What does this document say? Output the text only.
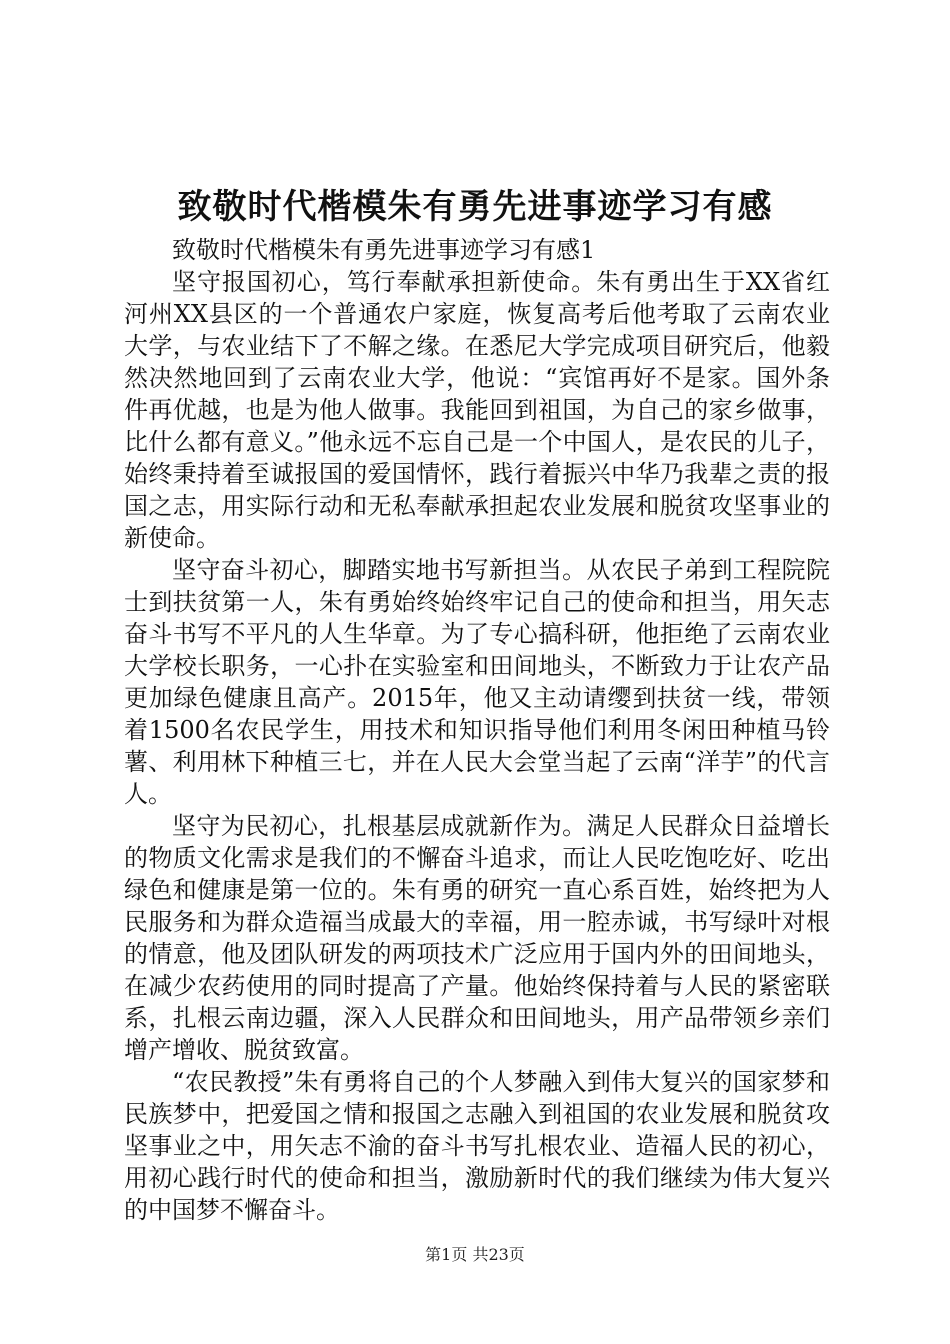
致敬时代楷模朱有勇先进事迹学习有感

致敬时代楷模朱有勇先进事迹学习有感1

坚守报国初心，笃行奉献承担新使命。朱有勇出生于XX省红河州XX县区的一个普通农户家庭，恢复高考后他考取了云南农业大学，与农业结下了不解之缘。在悉尼大学完成项目研究后，他毅然决然地回到了云南农业大学，他说：“宾馆再好不是家。国外条件再优越，也是为他人做事。我能回到祖国，为自己的家乡做事，比什么都有意义。”他永远不忘自己是一个中国人，是农民的儿子，始终秉持着至诚报国的爱国情怀，践行着振兴中华乃我辈之责的报国之志，用实际行动和无私奉献承担起农业发展和脱贫攻坚事业的新使命。

坚守奋斗初心，脚踏实地书写新担当。从农民子弟到工程院院士到扶贫第一人，朱有勇始终始终牢记自己的使命和担当，用矢志奋斗书写不平凡的人生华章。为了专心搞科研，他拒绝了云南农业大学校长职务，一心扑在实验室和田间地头，不断致力于让农产品更加绿色健康且高产。2015年，他又主动请缨到扶贫一线，带领着1500名农民学生，用技术和知识指导他们利用冬闲田种植马铃薯、利用林下种植三七，并在人民大会堂当起了云南“洋芋”的代言人。

坚守为民初心，扎根基层成就新作为。满足人民群众日益增长的物质文化需求是我们的不懈奋斗追求，而让人民吃饱吃好、吃出绿色和健康是第一位的。朱有勇的研究一直心系百姓，始终把为人民服务和为群众造福当成最大的幸福，用一腔赤诚，书写绿叶对根的情意，他及团队研发的两项技术广泛应用于国内外的田间地头，在减少农药使用的同时提高了产量。他始终保持着与人民的紧密联系，扎根云南边疆，深入人民群众和田间地头，用产品带领乡亲们增产增收、脱贫致富。

“农民教授”朱有勇将自己的个人梦融入到伟大复兴的国家梦和民族梦中，把爱国之情和报国之志融入到祖国的农业发展和脱贫攻坚事业之中，用矢志不渝的奋斗书写扎根农业、造福人民的初心，用初心践行时代的使命和担当，激励新时代的我们继续为伟大复兴的中国梦不懈奋斗。

第1页 共23页
